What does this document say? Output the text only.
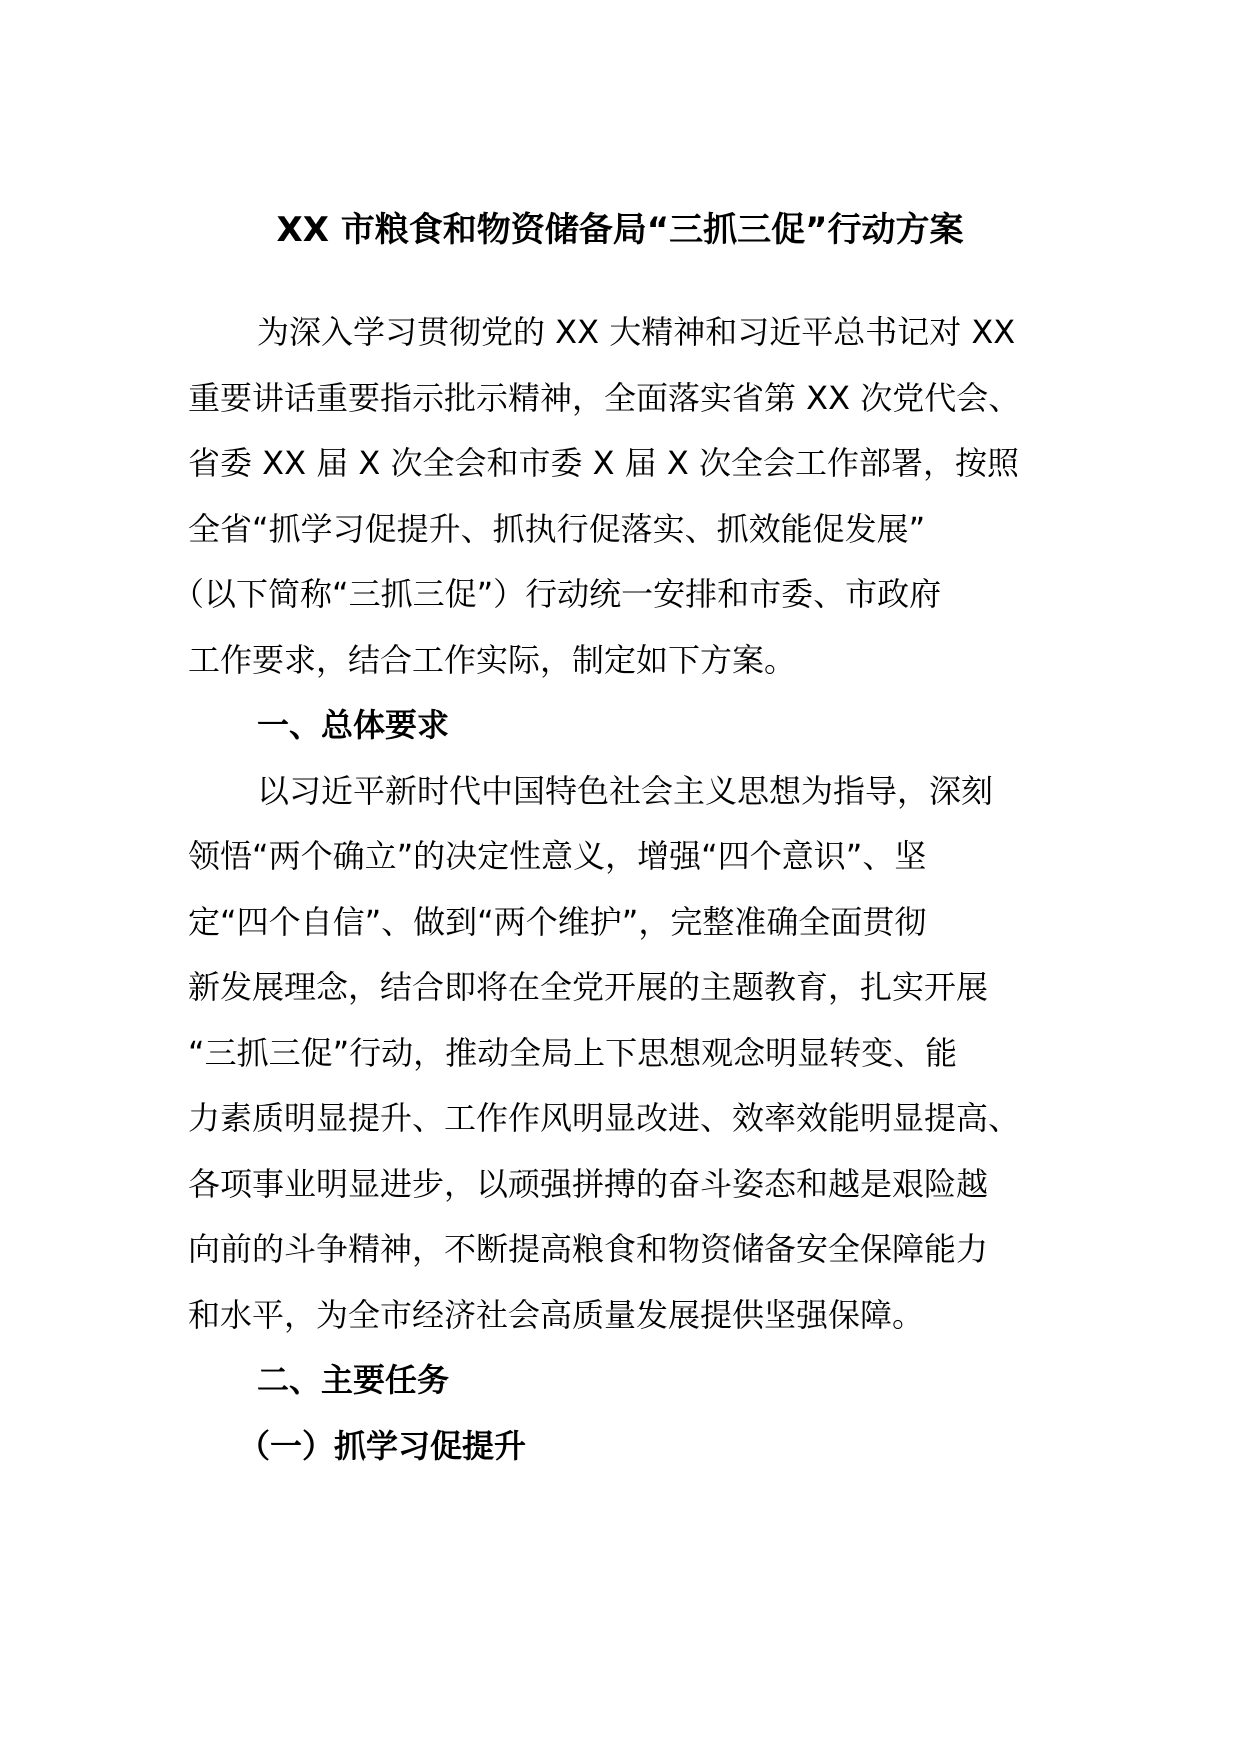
XX 市粮食和物资储备局“三抓三促”行动方案
为深入学习贯彻党的 XX 大精神和习近平总书记对 XX
重要讲话重要指示批示精神，全面落实省第 XX 次党代会、
省委 XX 届 X 次全会和市委 X 届 X 次全会工作部署，按照
全省“抓学习促提升、抓执行促落实、抓效能促发展”
（以下简称“三抓三促”）行动统一安排和市委、市政府
工作要求，结合工作实际，制定如下方案。
一、总体要求
以习近平新时代中国特色社会主义思想为指导，深刻
领悟“两个确立”的决定性意义，增强“四个意识”、坚
定“四个自信”、做到“两个维护”，完整准确全面贯彻
新发展理念，结合即将在全党开展的主题教育，扎实开展
“三抓三促”行动，推动全局上下思想观念明显转变、能
力素质明显提升、工作作风明显改进、效率效能明显提高、
各项事业明显进步，以顽强拼搏的奋斗姿态和越是艰险越
向前的斗争精神，不断提高粮食和物资储备安全保障能力
和水平，为全市经济社会高质量发展提供坚强保障。
二、主要任务
（一）抓学习促提升
